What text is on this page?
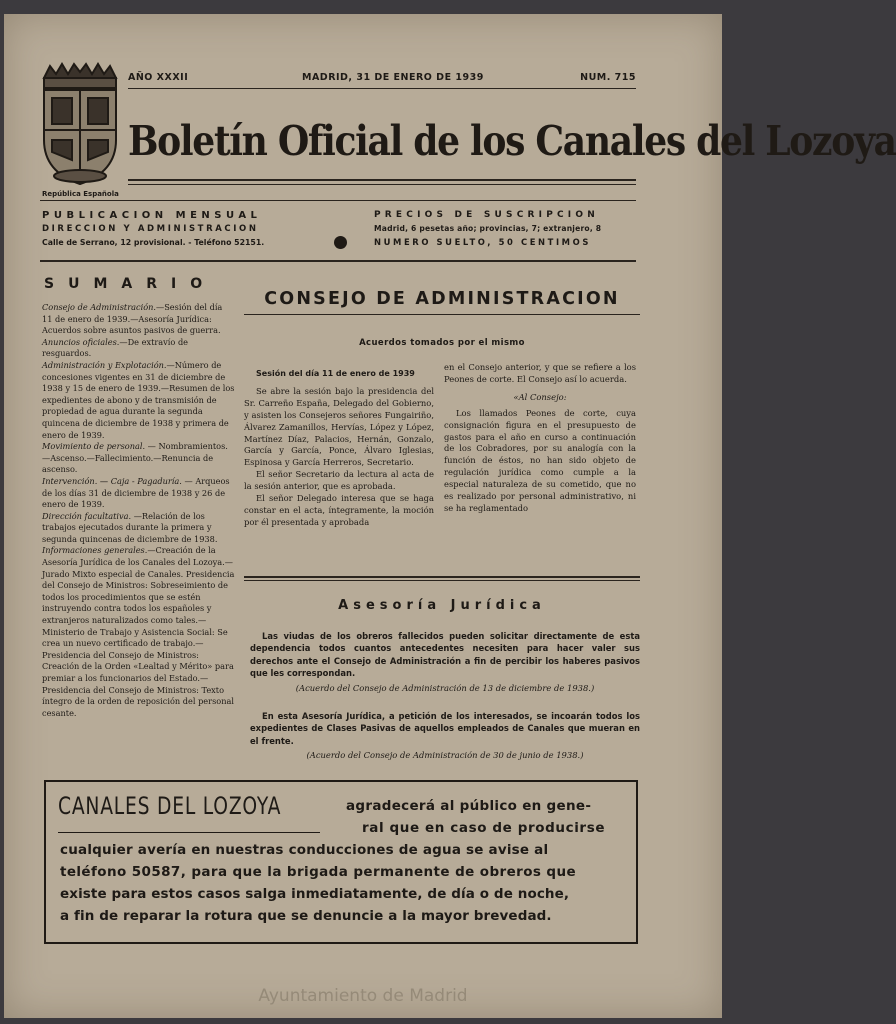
AÑO XXXII	MADRID, 31 DE ENERO DE 1939	NUM. 715
Boletín Oficial de los Canales del Lozoya
República Española
PUBLICACION MENSUAL
DIRECCION Y ADMINISTRACION
Calle de Serrano, 12 provisional. - Teléfono 52151.
PRECIOS DE SUSCRIPCION
Madrid, 6 pesetas año; provincias, 7; extranjero, 8
NUMERO SUELTO, 50 CENTIMOS
SUMARIO

Consejo de Administración.—Sesión del día 11 de enero de 1939.—Asesoría Jurídica: Acuerdos sobre asuntos pasivos de guerra.

Anuncios oficiales.—De extravío de resguardos.

Administración y Explotación.—Número de concesiones vigentes en 31 de diciembre de 1938 y 15 de enero de 1939.—Resumen de los expedientes de abono y de transmisión de propiedad de agua durante la segunda quincena de diciembre de 1938 y primera de enero de 1939.

Movimiento de personal. — Nombramientos.—Ascenso.—Fallecimiento.—Renuncia de ascenso.

Intervención. — Caja - Pagaduría. — Arqueos de los días 31 de diciembre de 1938 y 26 de enero de 1939.

Dirección facultativa. —Relación de los trabajos ejecutados durante la primera y segunda quincenas de diciembre de 1938.

Informaciones generales.—Creación de la Asesoría Jurídica de los Canales del Lozoya.—Jurado Mixto especial de Canales. Presidencia del Consejo de Ministros: Sobreseimiento de todos los procedimientos que se estén instruyendo contra todos los españoles y extranjeros naturalizados como tales.—Ministerio de Trabajo y Asistencia Social: Se crea un nuevo certificado de trabajo.—Presidencia del Consejo de Ministros: Creación de la Orden «Lealtad y Mérito» para premiar a los funcionarios del Estado.—Presidencia del Consejo de Ministros: Texto íntegro de la orden de reposición del personal cesante.

CONSEJO DE ADMINISTRACION
Acuerdos tomados por el mismo

Sesión del día 11 de enero de 1939

Se abre la sesión bajo la presidencia del Sr. Carreño España, Delegado del Gobierno, y asisten los Consejeros señores Fungairiño, Álvarez Zamanillos, Hervías, López y López, Martínez Díaz, Palacios, Hernán, Gonzalo, García y García, Ponce, Álvaro Iglesias, Espinosa y García Herreros, Secretario.

El señor Secretario da lectura al acta de la sesión anterior, que es aprobada.

El señor Delegado interesa que se haga constar en el acta, íntegramente, la moción por él presentada y aprobada

en el Consejo anterior, y que se refiere a los Peones de corte. El Consejo así lo acuerda.

«Al Consejo:

Los llamados Peones de corte, cuya consignación figura en el presupuesto de gastos para el año en curso a continuación de los Cobradores, por su analogía con la función de éstos, no han sido objeto de regulación jurídica como cumple a la especial naturaleza de su cometido, que no es realizado por personal administrativo, ni se ha reglamentado

Asesoría Jurídica

Las viudas de los obreros fallecidos pueden solicitar directamente de esta dependencia todos cuantos antecedentes necesiten para hacer valer sus derechos ante el Consejo de Administración a fin de percibir los haberes pasivos que les correspondan.

(Acuerdo del Consejo de Administración de 13 de diciembre de 1938.)

En esta Asesoría Jurídica, a petición de los interesados, se incoarán todos los expedientes de Clases Pasivas de aquellos empleados de Canales que mueran en el frente.

(Acuerdo del Consejo de Administración de 30 de junio de 1938.)

CANALES DEL LOZOYA	agradecerá al público en gene-
ral que en caso de producirse
cualquier avería en nuestras conducciones de agua se avise al
teléfono 50587, para que la brigada permanente de obreros que
existe para estos casos salga inmediatamente, de día o de noche,
a fin de reparar la rotura que se denuncie a la mayor brevedad.
Ayuntamiento de Madrid
